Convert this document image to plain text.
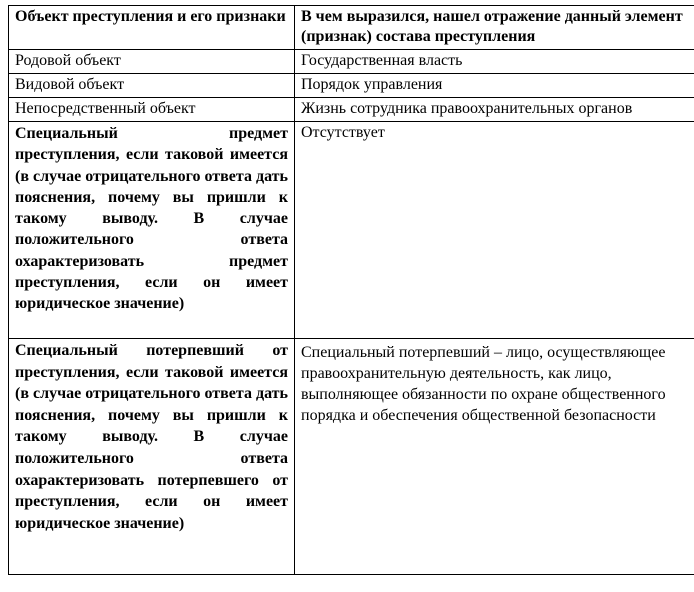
Объект преступления и его признаки	В чем выразился, нашел отражение данный элемент (признак) состава преступления
Родовой объект	Государственная власть
Видовой объект	Порядок управления
Непосредственный объект	Жизнь сотрудника правоохранительных органов
Специальный предмет преступления, если таковой имеется (в случае отрицательного ответа дать пояснения, почему вы пришли к такому выводу. В случае положительного ответа охарактеризовать предмет преступления, если он имеет юридическое значение)	Отсутствует
Специальный потерпевший от преступления, если таковой имеется (в случае отрицательного ответа дать пояснения, почему вы пришли к такому выводу. В случае положительного ответа охарактеризовать потерпевшего от преступления, если он имеет юридическое значение)	Специальный потерпевший – лицо, осуществляющее правоохранительную деятельность, как лицо, выполняющее обязанности по охране общественного порядка и обеспечения общественной безопасности
